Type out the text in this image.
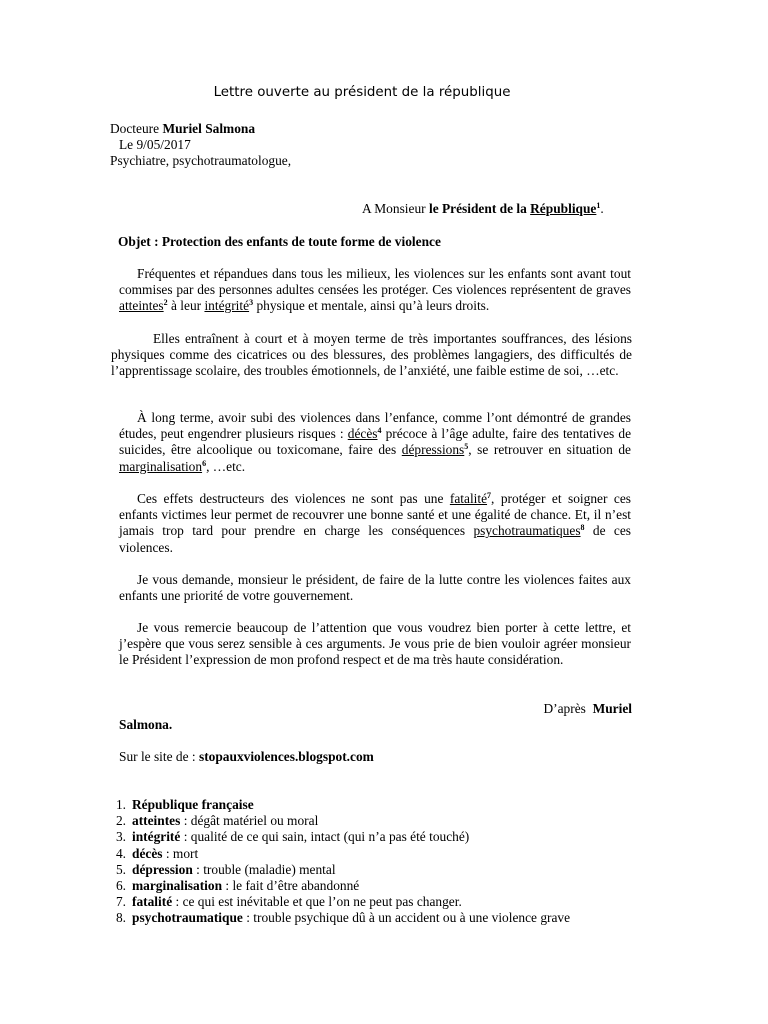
Lettre ouverte au président de la république
Docteure Muriel Salmona
Le 9/05/2017
Psychiatre, psychotraumatologue,
A Monsieur le Président de la République$^1$.
Objet : Protection des enfants de toute forme de violence
Fréquentes et répandues dans tous les milieux, les violences sur les enfants sont avant tout commises par des personnes adultes censées les protéger. Ces violences représentent de graves atteintes$^2$ à leur intégrité$^3$ physique et mentale, ainsi qu’à leurs droits.
Elles entraînent à court et à moyen terme de très importantes souffrances, des lésions physiques comme des cicatrices ou des blessures, des problèmes langagiers, des difficultés de l’apprentissage scolaire, des troubles émotionnels, de l’anxiété, une faible estime de soi, …etc.
À long terme, avoir subi des violences dans l’enfance, comme l’ont démontré de grandes études, peut engendrer plusieurs risques : décès$^4$ précoce à l’âge adulte, faire des tentatives de suicides, être alcoolique ou toxicomane, faire des dépressions$^5$, se retrouver en situation de marginalisation$^6$, …etc.
Ces effets destructeurs des violences ne sont pas une fatalité$^7$, protéger et soigner ces enfants victimes leur permet de recouvrer une bonne santé et une égalité de chance. Et, il n’est jamais trop tard pour prendre en charge les conséquences psychotraumatiques$^8$ de ces violences.
Je vous demande, monsieur le président, de faire de la lutte contre les violences faites aux enfants une priorité de votre gouvernement.
Je vous remercie beaucoup de l’attention que vous voudrez bien porter à cette lettre, et j’espère que vous serez sensible à ces arguments. Je vous prie de bien vouloir agréer monsieur le Président l’expression de mon profond respect et de ma très haute considération.
D’après Muriel
Salmona.
Sur le site de : stopauxviolences.blogspot.com
1. République française
2. atteintes : dégât matériel ou moral
3. intégrité : qualité de ce qui sain, intact (qui n’a pas été touché)
4. décès : mort
5. dépression : trouble (maladie) mental
6. marginalisation : le fait d’être abandonné
7. fatalité : ce qui est inévitable et que l’on ne peut pas changer.
8. psychotraumatique : trouble psychique dû à un accident ou à une violence grave
